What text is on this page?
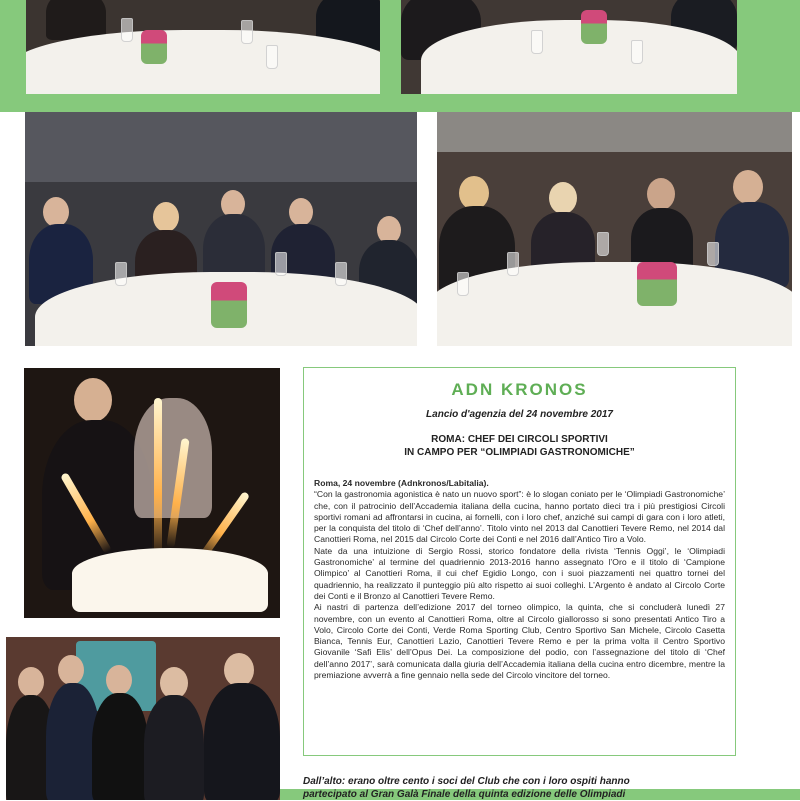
ADN KRONOS
Lancio d'agenzia del 24 novembre 2017
ROMA: CHEF DEI CIRCOLI SPORTIVI
IN CAMPO PER “OLIMPIADI GASTRONOMICHE”

Roma, 24 novembre (Adnkronos/Labitalia).

“Con la gastronomia agonistica è nato un nuovo sport”: è lo slogan coniato per le ‘Olimpiadi Gastronomiche’ che, con il patrocinio dell’Accademia italiana della cucina, hanno portato dieci tra i più prestigiosi Circoli sportivi romani ad affrontarsi in cucina, ai fornelli, con i loro chef, anziché sui campi di gara con i loro atleti, per la conquista del titolo di ‘Chef dell’anno’. Titolo vinto nel 2013 dal Canottieri Tevere Remo, nel 2014 dal Canottieri Roma, nel 2015 dal Circolo Corte dei Conti e nel 2016 dall’Antico Tiro a Volo.

Nate da una intuizione di Sergio Rossi, storico fondatore della rivista ‘Tennis Oggi’, le ‘Olimpiadi Gastronomiche’ al termine del quadriennio 2013-2016 hanno assegnato l’Oro e il titolo di ‘Campione Olimpico’ al Canottieri Roma, il cui chef Egidio Longo, con i suoi piazzamenti nei quattro tornei del quadriennio, ha realizzato il punteggio più alto rispetto ai suoi colleghi. L’Argento è andato al Circolo Corte dei Conti e il Bronzo al Canottieri Tevere Remo.

Ai nastri di partenza dell’edizione 2017 del torneo olimpico, la quinta, che si concluderà lunedì 27 novembre, con un evento al Canottieri Roma, oltre al Circolo giallorosso si sono presentati Antico Tiro a Volo, Circolo Corte dei Conti, Verde Roma Sporting Club, Centro Sportivo San Michele, Circolo Casetta Bianca, Tennis Eur, Canottieri Lazio, Canottieri Tevere Remo e per la prima volta il Centro Sportivo Giovanile ‘Safi Elis’ dell’Opus Dei. La composizione del podio, con l’assegnazione del titolo di ‘Chef dell’anno 2017’, sarà comunicata dalla giuria dell’Accademia italiana della cucina entro dicembre, mentre la premiazione avverrà a fine gennaio nella sede del Circolo vincitore del torneo.

Dall’alto: erano oltre cento i soci del Club che con i loro ospiti hanno
partecipato al Gran Galà Finale della quinta edizione delle Olimpiadi
